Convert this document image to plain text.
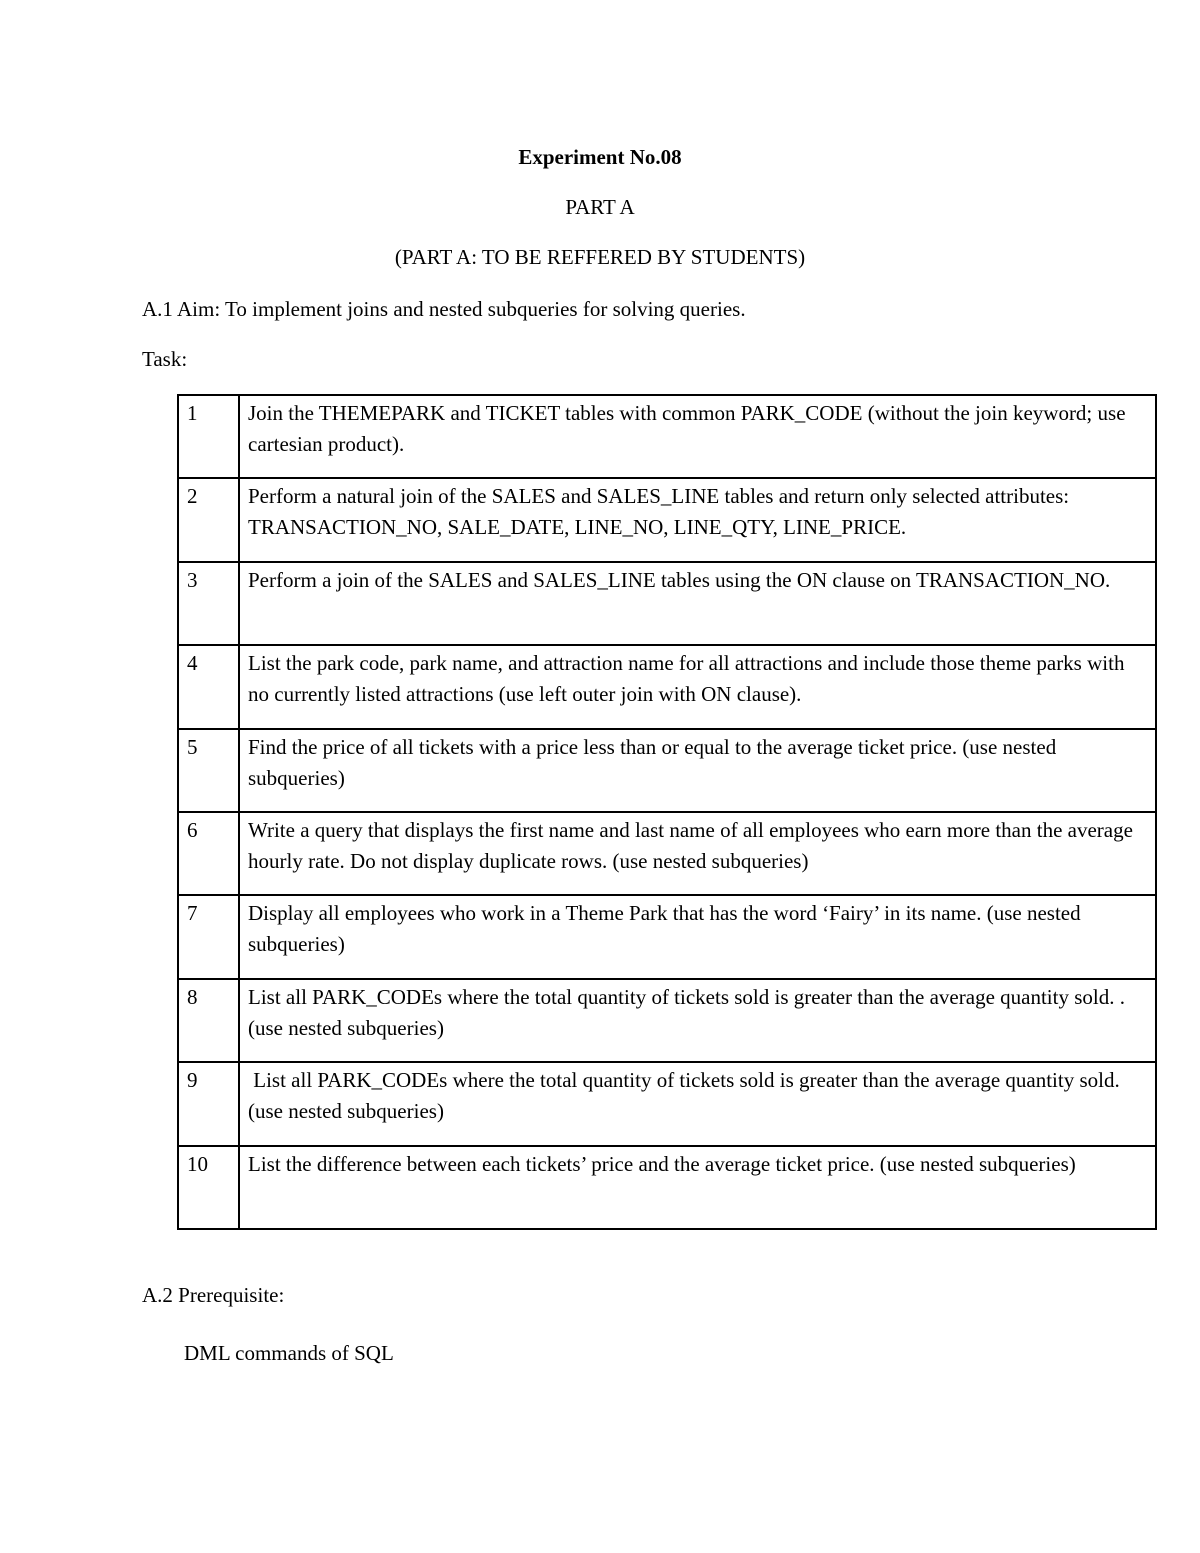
Experiment No.08
PART A
(PART A: TO BE REFFERED BY STUDENTS)
A.1 Aim: To implement joins and nested subqueries for solving queries.
Task:
1	Join the THEMEPARK and TICKET tables with common PARK_CODE (without the join keyword; use cartesian product).
2	Perform a natural join of the SALES and SALES_LINE tables and return only selected attributes: TRANSACTION_NO, SALE_DATE, LINE_NO, LINE_QTY, LINE_PRICE.
3	Perform a join of the SALES and SALES_LINE tables using the ON clause on TRANSACTION_NO.
4	List the park code, park name, and attraction name for all attractions and include those theme parks with no currently listed attractions (use left outer join with ON clause).
5	Find the price of all tickets with a price less than or equal to the average ticket price. (use nested subqueries)
6	Write a query that displays the first name and last name of all employees who earn more than the average hourly rate. Do not display duplicate rows. (use nested subqueries)
7	Display all employees who work in a Theme Park that has the word ‘Fairy’ in its name. (use nested subqueries)
8	List all PARK_CODEs where the total quantity of tickets sold is greater than the average quantity sold. . (use nested subqueries)
9	List all PARK_CODEs where the total quantity of tickets sold is greater than the average quantity sold. (use nested subqueries)
10	List the difference between each tickets’ price and the average ticket price. (use nested subqueries)
A.2 Prerequisite:
DML commands of SQL
